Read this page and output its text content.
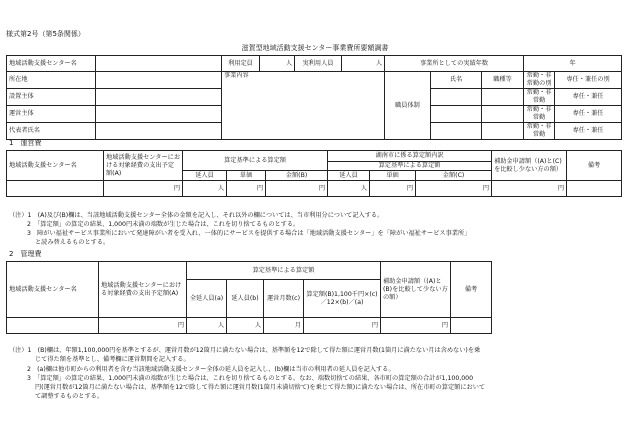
様式第2号（第5条関係）
滋賀型地域活動支援センター事業費所要額調書
地域活動支援センター名		利用定員	人	実利用人員	人	事業所としての実績年数			年	
所在地		事業内容				職員体制	氏名	職種等	常勤・非常勤の別	専任・兼任の別
設置主体									常勤・非常勤	専任・兼任
運営主体									常勤・非常勤	専任・兼任
代表者氏名									常勤・非常勤	専任・兼任
1　運営費
地域活動支援センター名	地域活動支援センターにおける対象経費の支出予定額(A)	算定基準による算定額			湖南市に係る算定額内訳			補助金申請額（(A)と(C)を比較し少ない方の額）	備考
					算定基準による算定額				
		延人員	単価	金額(B)	延人員	単価	金額(C)		
	円	人	円	円	人	円	円	円	
（注）1　(A)及び(B)欄は、当該地域活動支援センター全体の金額を記入し、それ以外の欄については、当市利用分について記入する。
2　「算定額」の算定の結果、1,000円未満の端数が生じた場合は、これを切り捨てるものとする。
3　障がい福祉サービス事業所において発達障がい者を受入れ、一体的にサービスを提供する場合は「地域活動支援センター」を「障がい福祉サービス事業所」
と読み替えるものとする。
2　管理費
地域活動支援センター名	地域活動支援センターにおける対象経費の支出予定額(A)	算定基準による算定額				補助金申請額（(A)と(B)を比較して少ない方の額）	備考
		全延人員(a)	延人員(b)	運営月数(c)	算定額(B)1,100千円×(c)／12×(b)／(a)		
	円	人	人	月	円	円	
（注）1　(B)欄は、年額1,100,000円を基準とするが、運営月数が12箇月に満たない場合は、基準額を12で除して得た額に運営月数(1箇月に満たない月は含めない)を乗
じて得た額を基準とし、備考欄に運営期間を記入する。
2　(a)欄は他市町からの利用者を含む当該地域活動支援センター全体の延人員を記入し、(b)欄は当市の利用者の延人員を記入する。
3　「算定額」の算定の結果、1,000円未満の端数が生じた場合は、これを切り捨てるものとする。なお、端数切捨ての結果、各市町の算定額の合計が1,100,000
円(運営月数が12箇月に満たない場合は、基準額を12で除して得た額に運営月数(1箇月未満切捨て)を乗じて得た額)に満たない場合は、所在市町の算定額において
て調整するものとする。
